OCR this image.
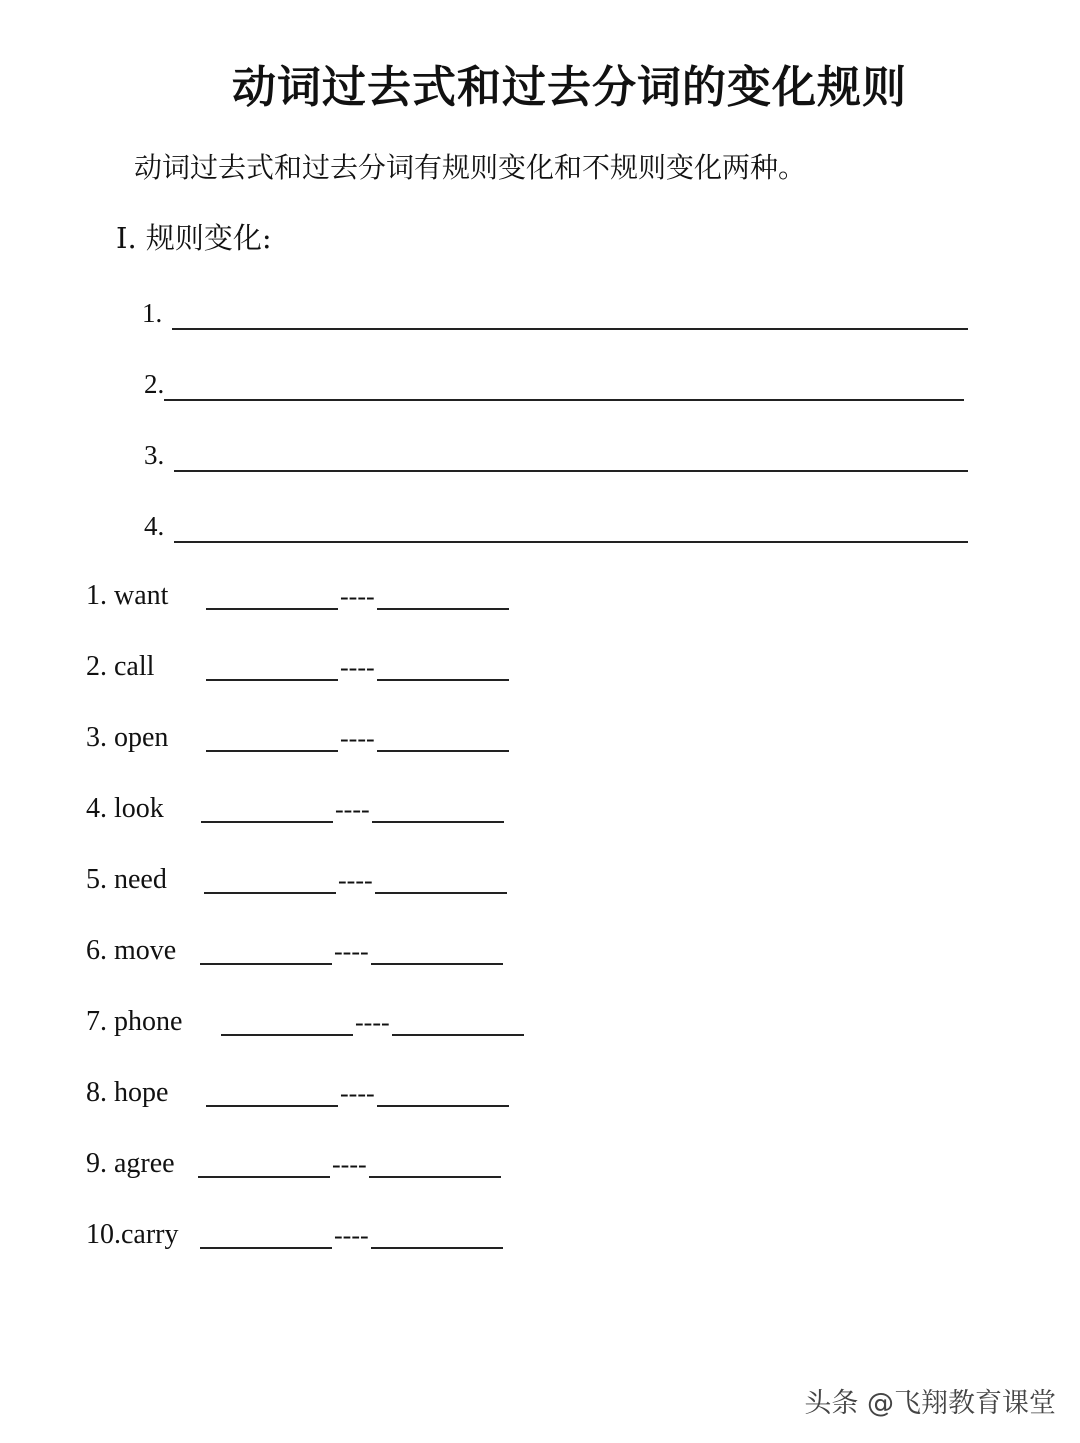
动词过去式和过去分词的变化规则
动词过去式和过去分词有规则变化和不规则变化两种。
Ⅰ. 规则变化:
1.
2.
3.
4.
1. want	----
2. call	----
3. open	----
4. look	----
5. need	----
6. move	----
7. phone	----
8. hope	----
9. agree	----
10.carry	----
头条 @飞翔教育课堂
